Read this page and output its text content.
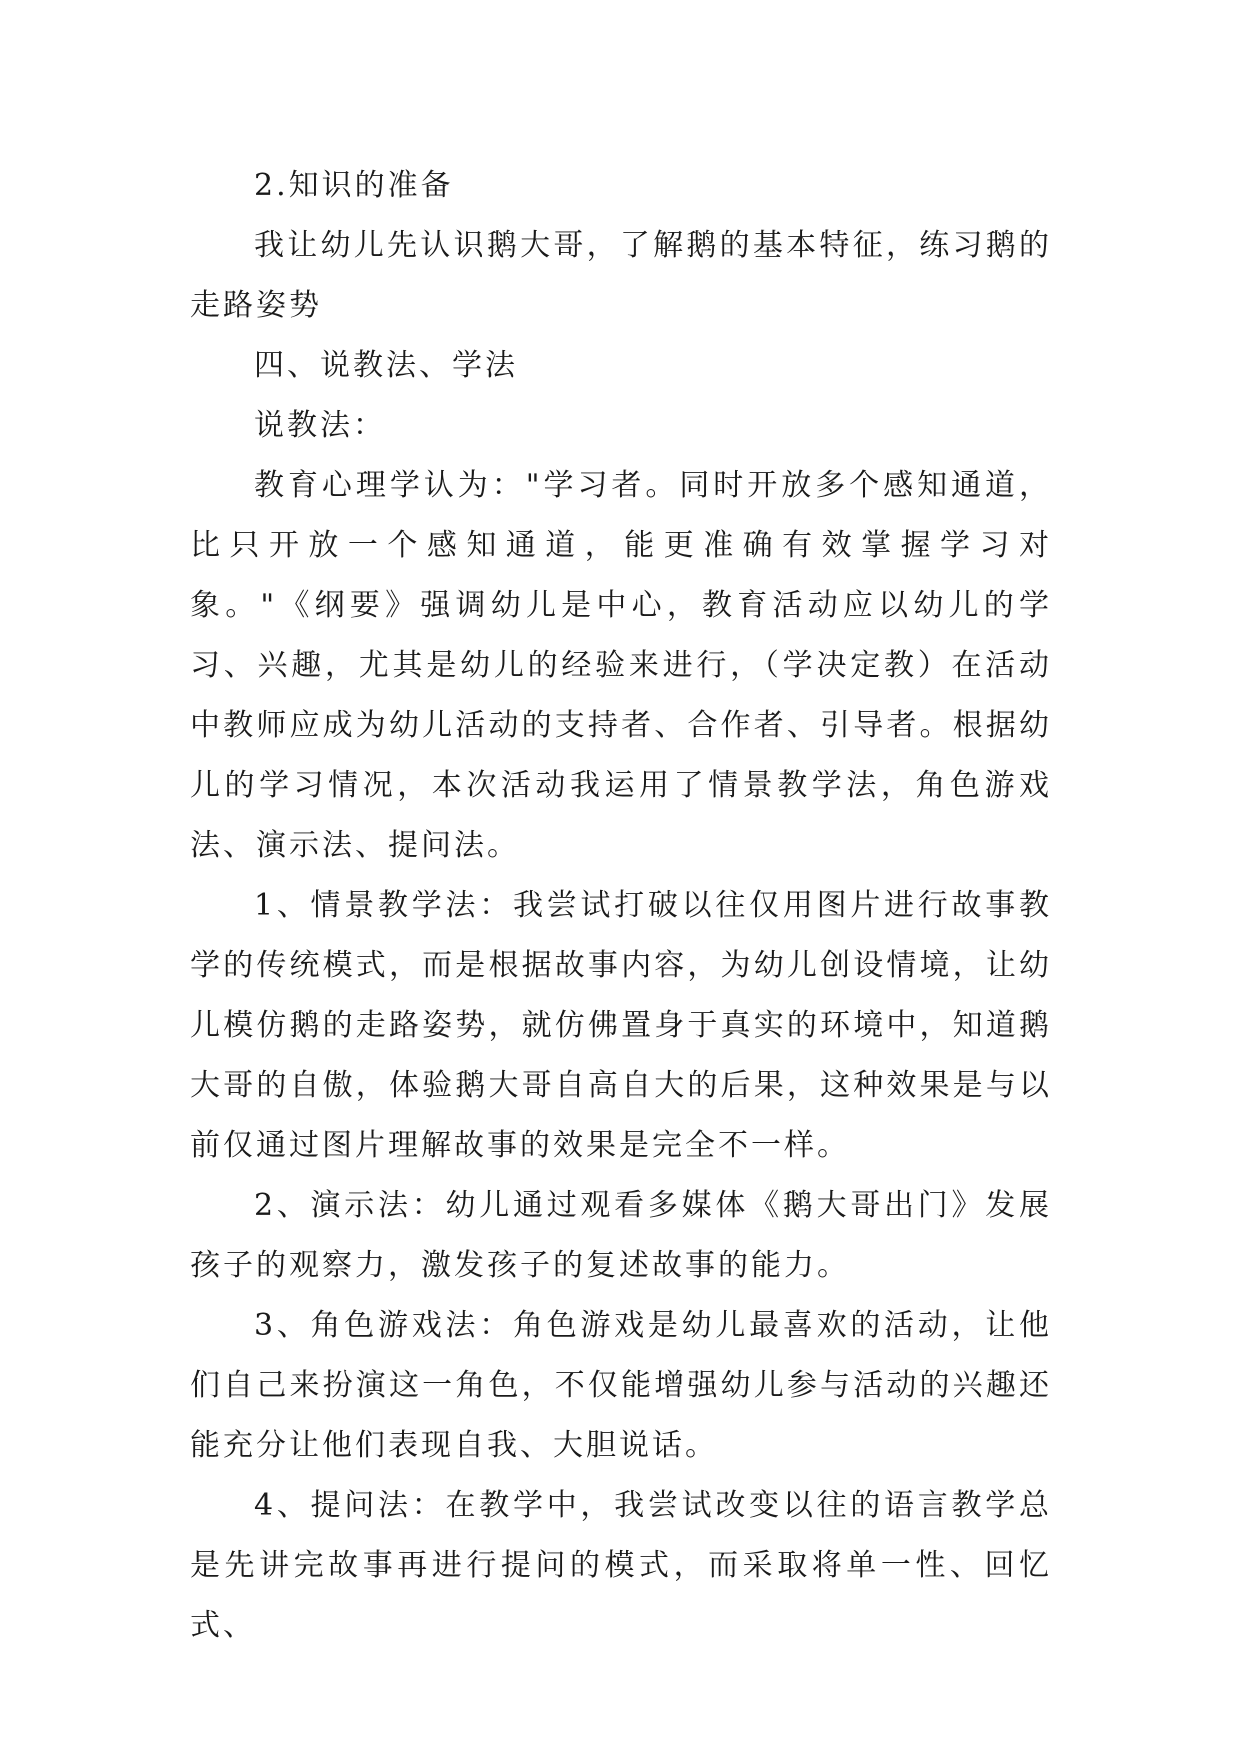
2.知识的准备

我让幼儿先认识鹅大哥，了解鹅的基本特征，练习鹅的走路姿势

四、说教法、学法

说教法：

教育心理学认为："学习者。同时开放多个感知通道，比只开放一个感知通道，能更准确有效掌握学习对象。"《纲要》强调幼儿是中心，教育活动应以幼儿的学习、兴趣，尤其是幼儿的经验来进行，（学决定教）在活动中教师应成为幼儿活动的支持者、合作者、引导者。根据幼儿的学习情况，本次活动我运用了情景教学法，角色游戏法、演示法、提问法。

1、情景教学法：我尝试打破以往仅用图片进行故事教学的传统模式，而是根据故事内容，为幼儿创设情境，让幼儿模仿鹅的走路姿势，就仿佛置身于真实的环境中，知道鹅大哥的自傲，体验鹅大哥自高自大的后果，这种效果是与以前仅通过图片理解故事的效果是完全不一样。

2、演示法：幼儿通过观看多媒体《鹅大哥出门》发展孩子的观察力，激发孩子的复述故事的能力。

3、角色游戏法：角色游戏是幼儿最喜欢的活动，让他们自己来扮演这一角色，不仅能增强幼儿参与活动的兴趣还能充分让他们表现自我、大胆说话。

4、提问法：在教学中，我尝试改变以往的语言教学总是先讲完故事再进行提问的模式，而采取将单一性、回忆式、
